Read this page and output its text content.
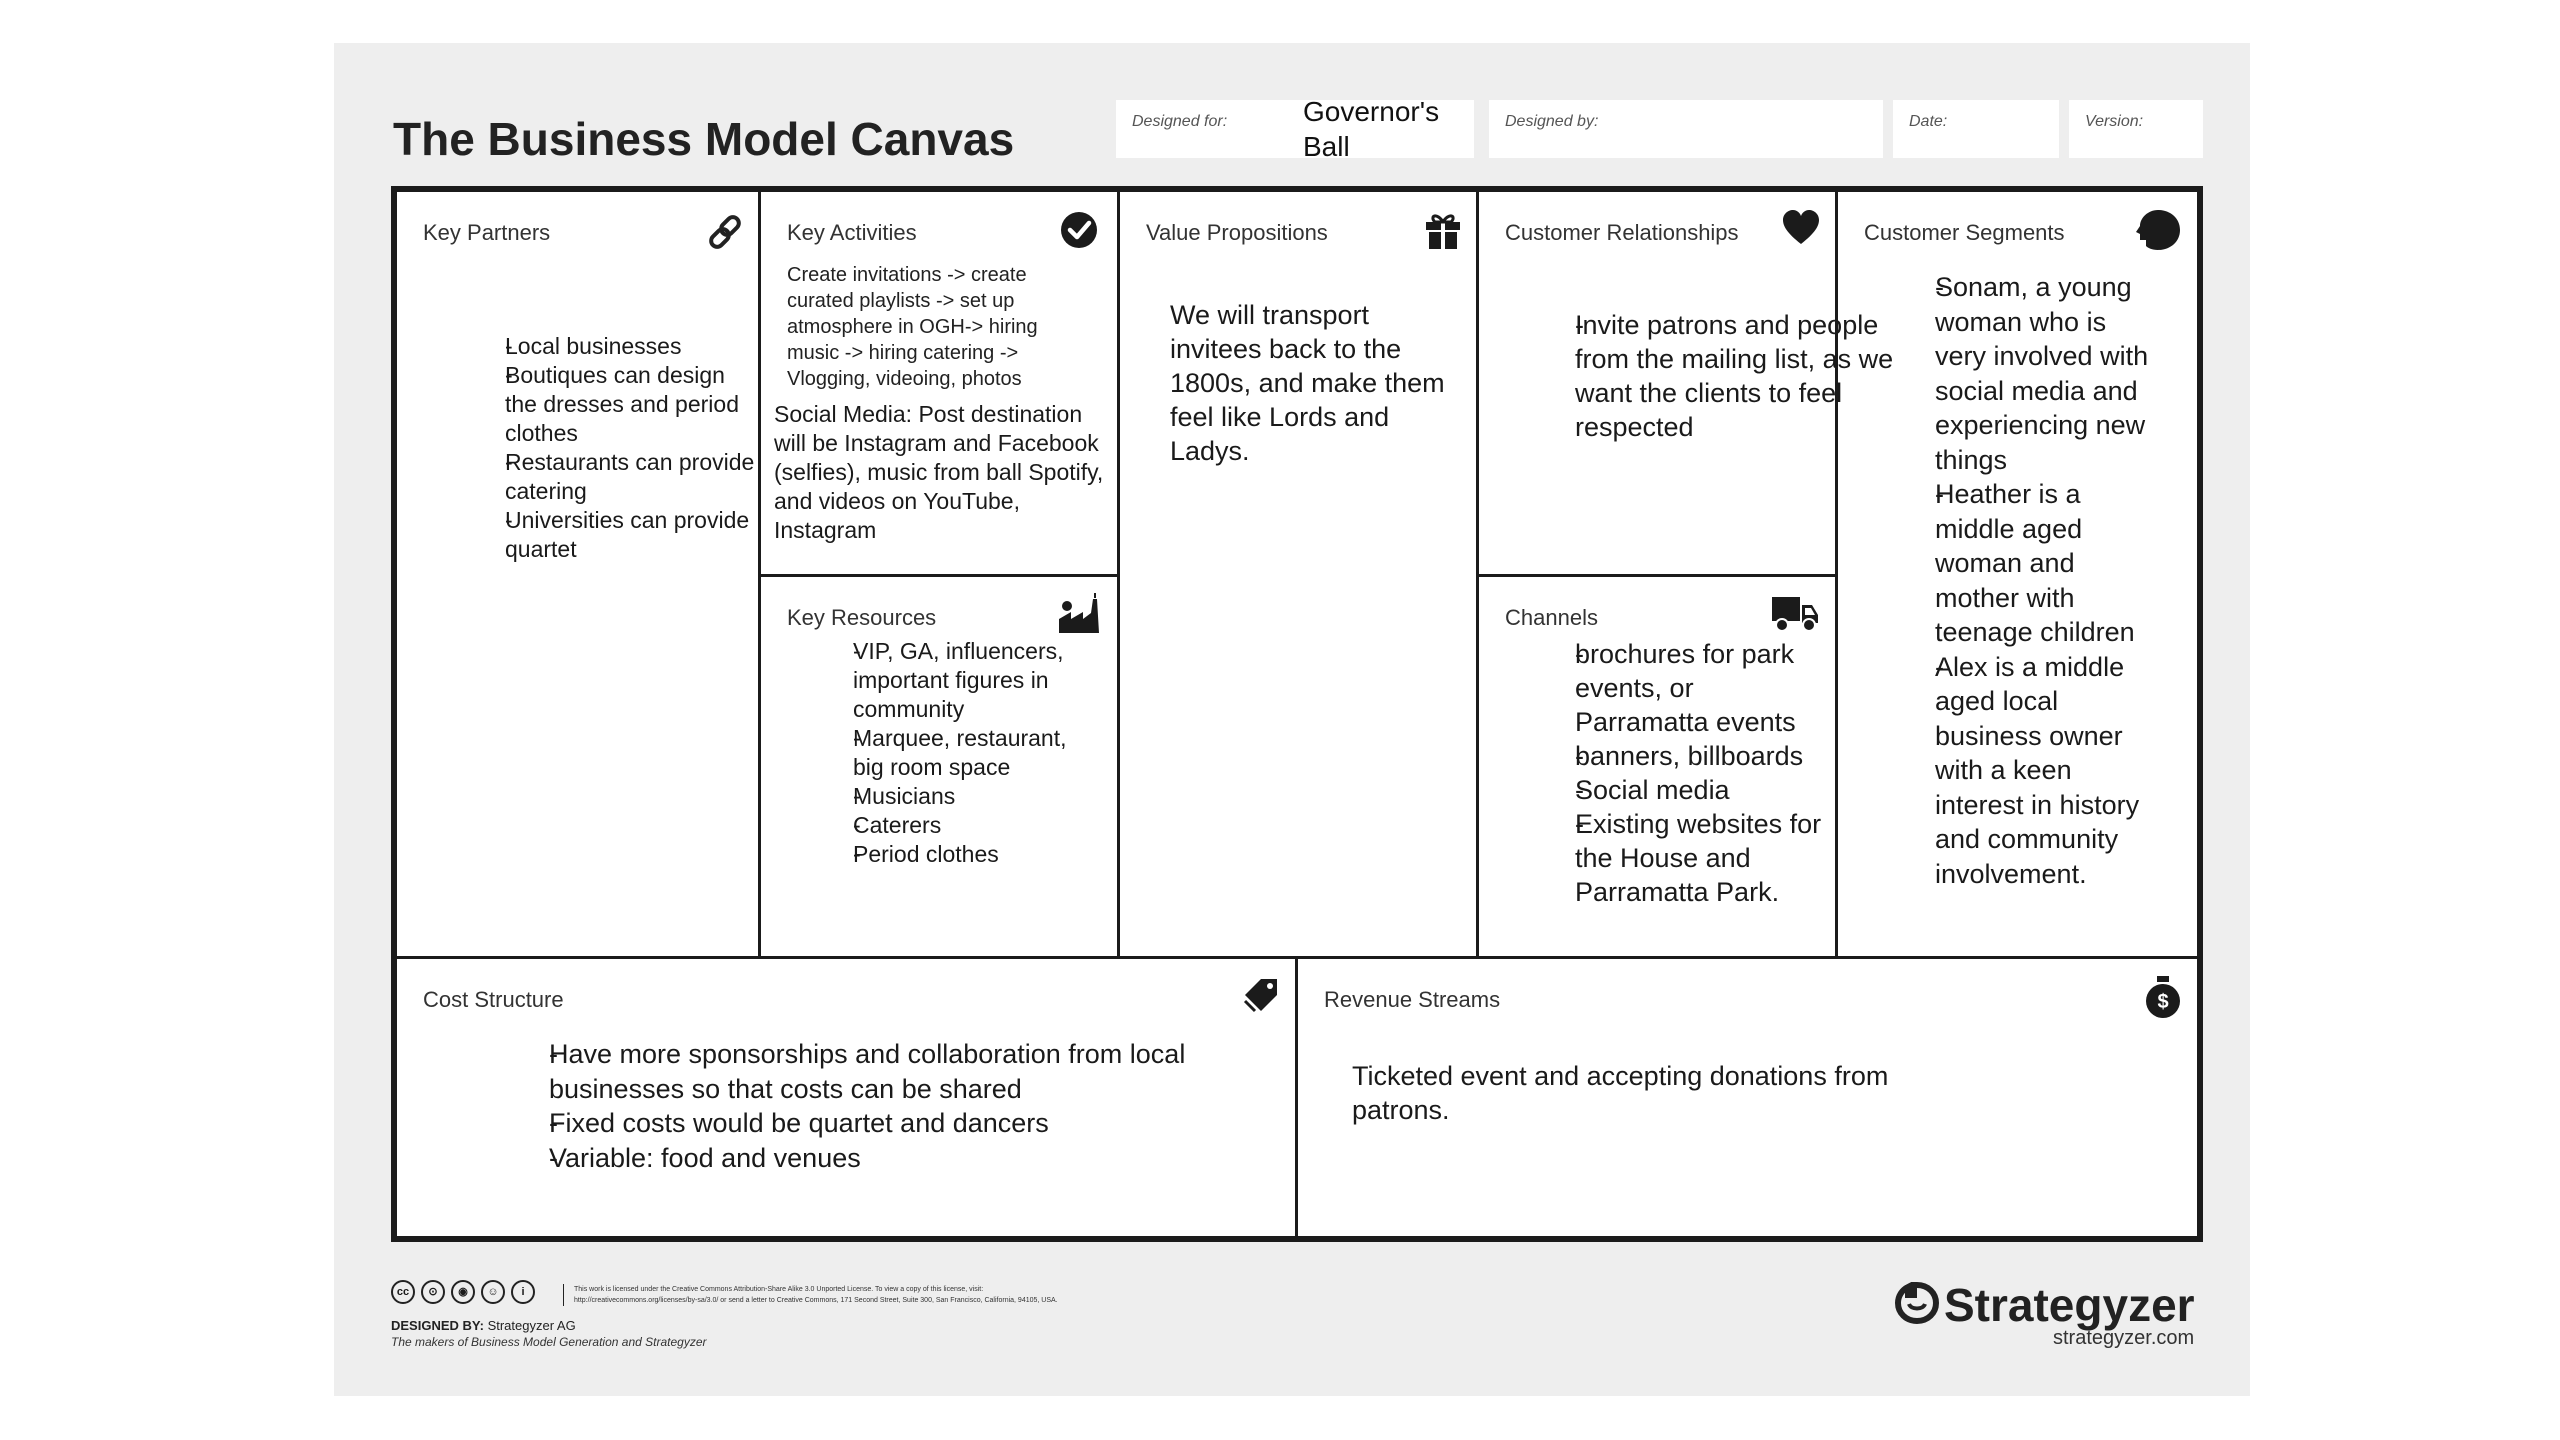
The Business Model Canvas	Designed for:	Governor's Ball
Designed by:	Date:	Version:
Key Partners
- Local businesses
- Boutiques can design the dresses and period clothes
- Restaurants can provide catering
- Universities can provide quartet
Key Activities
Create invitations -> create curated playlists -> set up atmosphere in OGH-> hiring music -> hiring catering -> Vlogging, videoing, photos
Social Media: Post destination will be Instagram and Facebook (selfies), music from ball Spotify, and videos on YouTube, Instagram
Key Resources
- VIP, GA, influencers, important figures in community
- Marquee, restaurant, big room space
- Musicians
- Caterers
- Period clothes
Value Propositions
We will transport invitees back to the 1800s, and make them feel like Lords and Ladys.
Customer Relationships
- Invite patrons and people from the mailing list, as we want the clients to feel respected
Channels
- brochures for park events, or Parramatta events
- banners, billboards
- Social media
- Existing websites for the House and Parramatta Park.
Customer Segments
- Sonam, a young woman who is very involved with social media and experiencing new things
- Heather is a middle aged woman and mother with teenage children
- Alex is a middle aged local business owner with a keen interest in history and community involvement.
Cost Structure
- Have more sponsorships and collaboration from local businesses so that costs can be shared
- Fixed costs would be quartet and dancers
- Variable: food and venues
Revenue Streams	$
Ticketed event and accepting donations from patrons.
cc ⊙ ◉ ☺ i	This work is licensed under the Creative Commons Attribution-Share Alike 3.0 Unported License. To view a copy of this license, visit:
http://creativecommons.org/licenses/by-sa/3.0/ or send a letter to Creative Commons, 171 Second Street, Suite 300, San Francisco, California, 94105, USA.
DESIGNED BY: Strategyzer AG
The makers of Business Model Generation and Strategyzer
Strategyzer
strategyzer.com
